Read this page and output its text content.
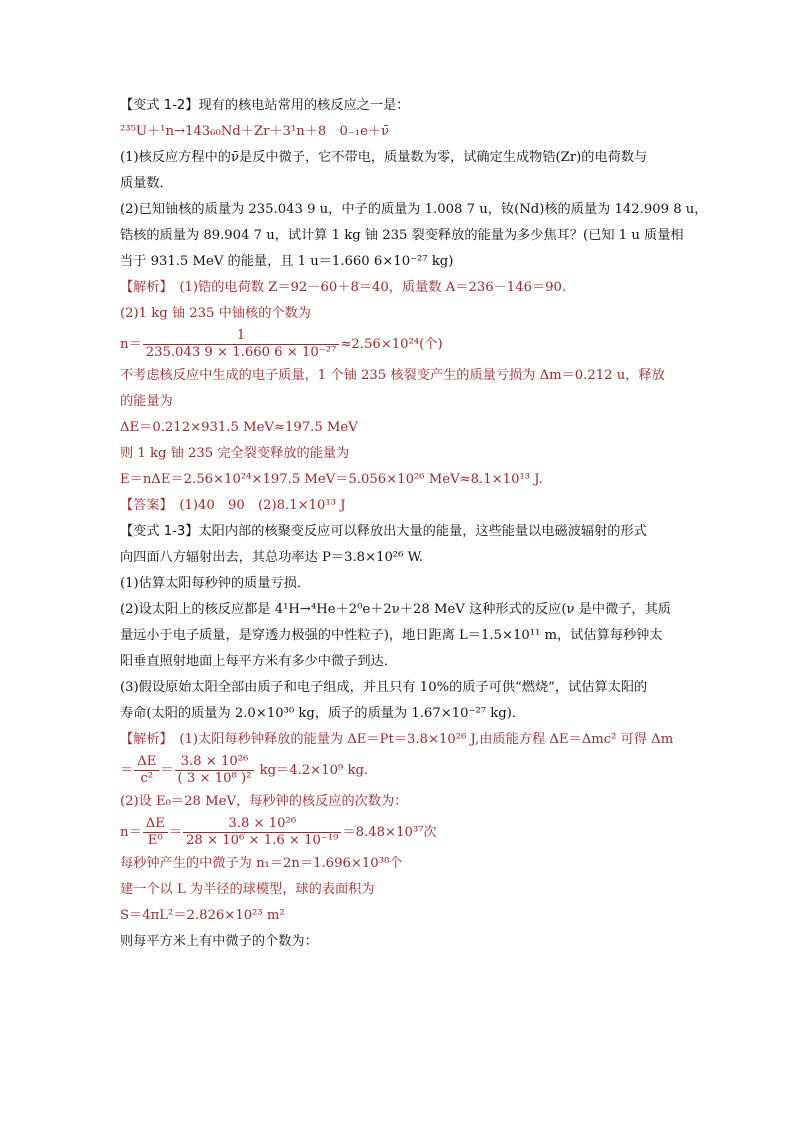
【变式 1-2】现有的核电站常用的核反应之一是：
²³⁵U＋¹n→143₆₀Nd＋Zr＋3¹n＋8　0₋₁e＋ν̄
(1)核反应方程中的ν̄是反中微子，它不带电，质量数为零，试确定生成物锆(Zr)的电荷数与
质量数．
(2)已知铀核的质量为 235.043 9 u，中子的质量为 1.008 7 u，钕(Nd)核的质量为 142.909 8 u，
锆核的质量为 89.904 7 u，试计算 1 kg 铀 235 裂变释放的能量为多少焦耳？(已知 1 u 质量相
当于 931.5 MeV 的能量，且 1 u＝1.660 6×10⁻²⁷ kg)
【解析】　(1)锆的电荷数 Z＝92－60＋8＝40，质量数 A＝236－146＝90.
(2)1 kg 铀 235 中铀核的个数为
$n= \frac{1}{\text{235.043 9 × 1.660 6 × 10⁻²⁷}} \approx 2.56\times 10^{24}$(个)
不考虑核反应中生成的电子质量，1 个铀 235 核裂变产生的质量亏损为 Δm＝0.212 u，释放
的能量为
ΔE＝0.212×931.5 MeV≈197.5 MeV
则 1 kg 铀 235 完全裂变释放的能量为
E＝nΔE＝2.56×10²⁴×197.5 MeV＝5.056×10²⁶ MeV≈8.1×10¹³ J.
【答案】　(1)40　90　(2)8.1×10¹³ J
【变式 1-3】太阳内部的核聚变反应可以释放出大量的能量，这些能量以电磁波辐射的形式
向四面八方辐射出去，其总功率达 P＝3.8×10²⁶ W.
(1)估算太阳每秒钟的质量亏损．
(2)设太阳上的核反应都是 4¹H→⁴He＋2⁰e＋2ν＋28 MeV 这种形式的反应(ν 是中微子，其质
量远小于电子质量，是穿透力极强的中性粒子)，地日距离 L＝1.5×10¹¹ m，试估算每秒钟太
阳垂直照射地面上每平方米有多少中微子到达．
(3)假设原始太阳全部由质子和电子组成，并且只有 10%的质子可供“燃烧”，试估算太阳的
寿命(太阳的质量为 2.0×10³⁰ kg，质子的质量为 1.67×10⁻²⁷ kg)．
【解析】　(1)太阳每秒钟释放的能量为 ΔE＝Pt＝3.8×10²⁶ J,由质能方程 ΔE＝Δmc² 可得 Δm
＝ $\frac{\Delta E}{\text{c²}} = \frac{\text{3.8 × 10²⁶}}{\text{( 3 × 10⁸ )²}} kg=4.2\times 10^9$ kg.
(2)设 E₀＝28 MeV，每秒钟的核反应的次数为：
$n= \frac{\Delta E}{\text{E⁰}} = \frac{\text{3.8 × 10²⁶}}{\text{28 × 10⁶ × 1.6 × 10⁻¹⁹}} =8.48\times 10^{37}$次
每秒钟产生的中微子为 n₁＝2n＝1.696×10³⁸个
建一个以 L 为半径的球模型，球的表面积为
S＝4πL²＝2.826×10²³ m²
则每平方米上有中微子的个数为：
